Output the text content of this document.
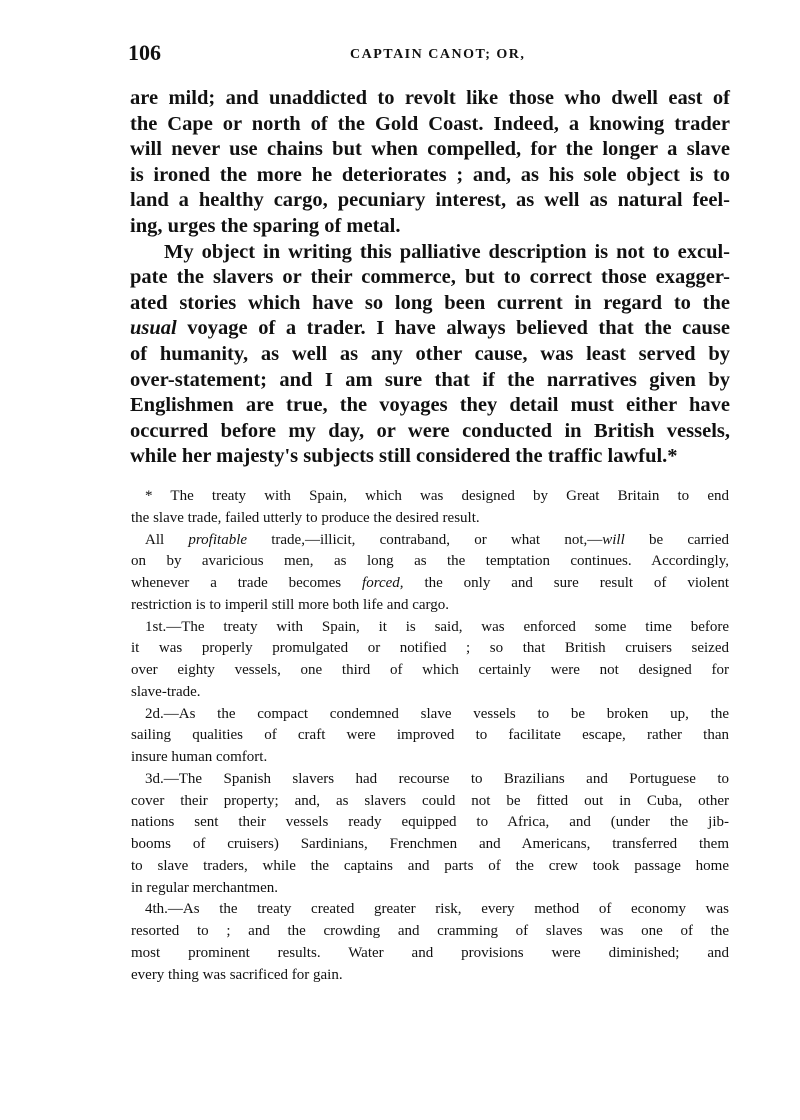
106	CAPTAIN CANOT; OR,
are mild; and unaddicted to revolt like those who dwell east of
the Cape or north of the Gold Coast. Indeed, a knowing trader
will never use chains but when compelled, for the longer a slave
is ironed the more he deteriorates ; and, as his sole object is to
land a healthy cargo, pecuniary interest, as well as natural feel-
ing, urges the sparing of metal.
My object in writing this palliative description is not to excul-
pate the slavers or their commerce, but to correct those exagger-
ated stories which have so long been current in regard to the
usual voyage of a trader. I have always believed that the cause
of humanity, as well as any other cause, was least served by
over-statement; and I am sure that if the narratives given by
Englishmen are true, the voyages they detail must either have
occurred before my day, or were conducted in British vessels,
while her majesty's subjects still considered the traffic lawful.*
* The treaty with Spain, which was designed by Great Britain to end
the slave trade, failed utterly to produce the desired result.
All profitable trade,—illicit, contraband, or what not,—will be carried
on by avaricious men, as long as the temptation continues. Accordingly,
whenever a trade becomes forced, the only and sure result of violent
restriction is to imperil still more both life and cargo.
1st.—The treaty with Spain, it is said, was enforced some time before
it was properly promulgated or notified ; so that British cruisers seized
over eighty vessels, one third of which certainly were not designed for
slave-trade.
2d.—As the compact condemned slave vessels to be broken up, the
sailing qualities of craft were improved to facilitate escape, rather than
insure human comfort.
3d.—The Spanish slavers had recourse to Brazilians and Portuguese to
cover their property; and, as slavers could not be fitted out in Cuba, other
nations sent their vessels ready equipped to Africa, and (under the jib-
booms of cruisers) Sardinians, Frenchmen and Americans, transferred them
to slave traders, while the captains and parts of the crew took passage home
in regular merchantmen.
4th.—As the treaty created greater risk, every method of economy was
resorted to ; and the crowding and cramming of slaves was one of the
most prominent results. Water and provisions were diminished; and
every thing was sacrificed for gain.
